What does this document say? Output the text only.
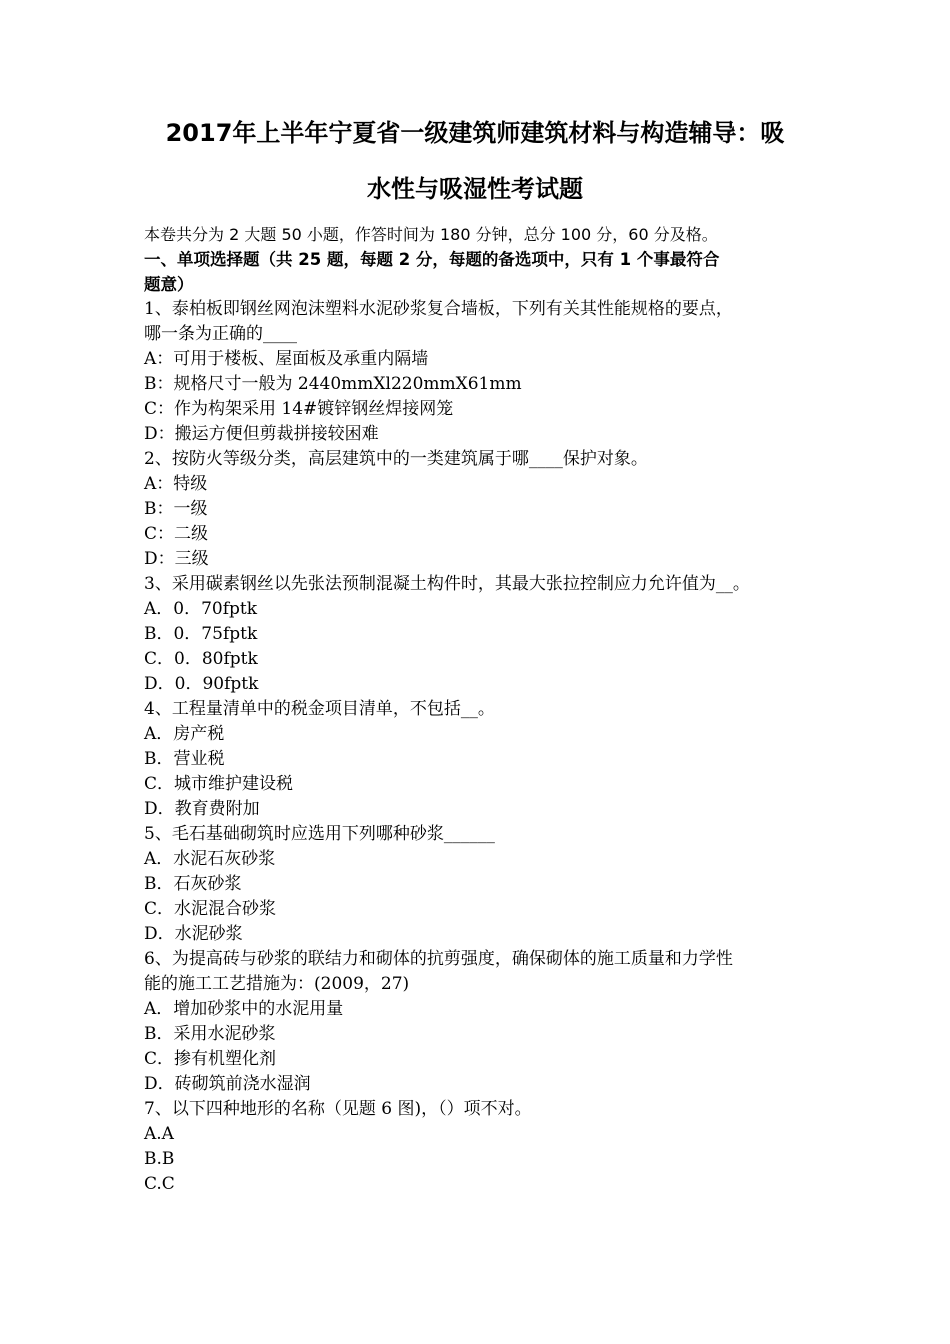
2017年上半年宁夏省一级建筑师建筑材料与构造辅导：吸
水性与吸湿性考试题
本卷共分为 2 大题 50 小题，作答时间为 180 分钟，总分 100 分，60 分及格。
一、单项选择题（共 25 题，每题 2 分，每题的备选项中，只有 1 个事最符合
题意）
1、泰柏板即钢丝网泡沫塑料水泥砂浆复合墙板，下列有关其性能规格的要点，
哪一条为正确的____
A：可用于楼板、屋面板及承重内隔墙
B：规格尺寸一般为 2440mmXl220mmX61mm
C：作为构架采用 14#镀锌钢丝焊接网笼
D：搬运方便但剪裁拼接较困难
2、按防火等级分类，高层建筑中的一类建筑属于哪____保护对象。
A：特级
B：一级
C：二级
D：三级
3、采用碳素钢丝以先张法预制混凝土构件时，其最大张拉控制应力允许值为__。
A．0．70fptk
B．0．75fptk
C．0．80fptk
D．0．90fptk
4、工程量清单中的税金项目清单，不包括__。
A．房产税
B．营业税
C．城市维护建设税
D．教育费附加
5、毛石基础砌筑时应选用下列哪种砂浆______
A．水泥石灰砂浆
B．石灰砂浆
C．水泥混合砂浆
D．水泥砂浆
6、为提高砖与砂浆的联结力和砌体的抗剪强度，确保砌体的施工质量和力学性
能的施工工艺措施为：(2009，27)
A．增加砂浆中的水泥用量
B．采用水泥砂浆
C．掺有机塑化剂
D．砖砌筑前浇水湿润
7、以下四种地形的名称（见题 6 图)，（）项不对。
A.A
B.B
C.C
